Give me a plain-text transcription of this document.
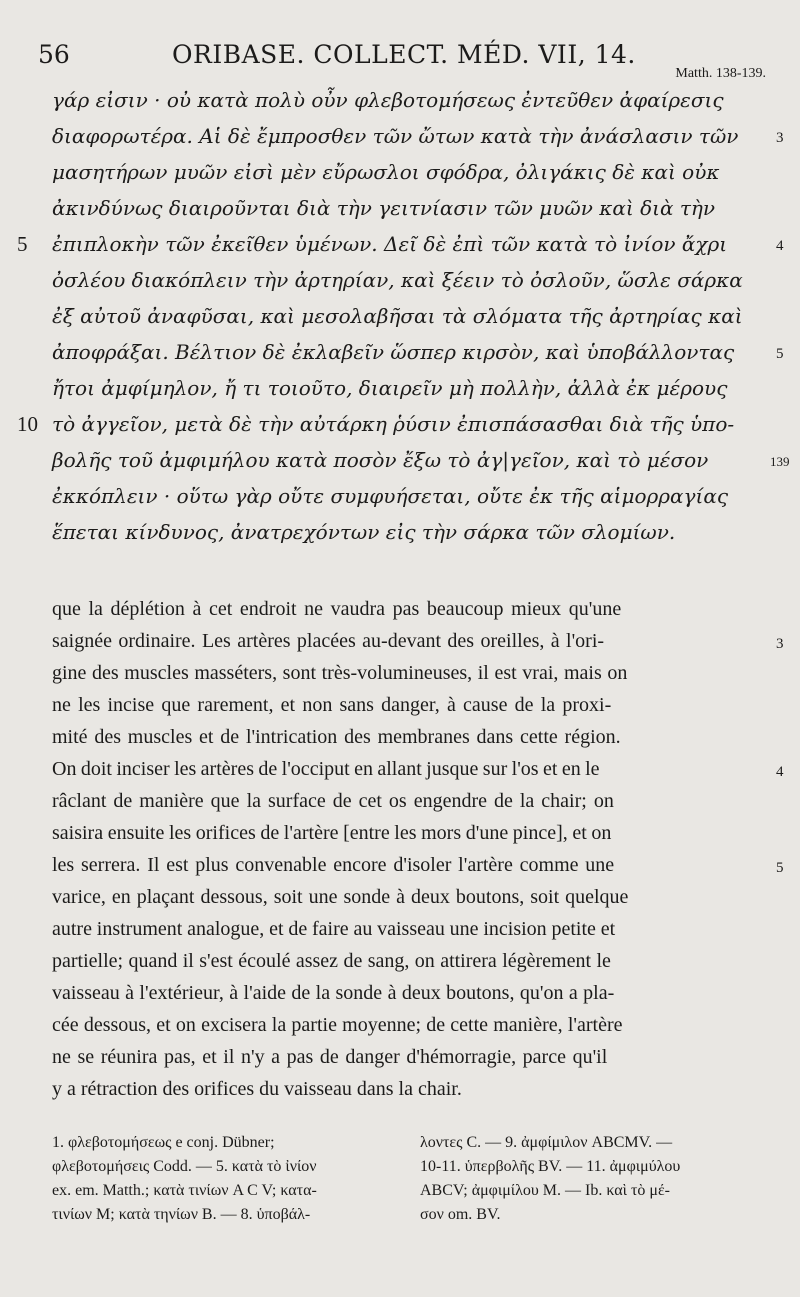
56	ORIBASE. COLLECT. MÉD. VII, 14.
Matth. 138-139.
γάρ εἰσιν · οὐ κατὰ πολὺ οὖν φλεβοτομήσεως ἐντεῦθεν ἀφαίρεσις
διαφορωτέρα. Αἱ δὲ ἔμπροσθεν τῶν ὤτων κατὰ τὴν ἀνάσλασιν τῶν
μασητήρων μυῶν εἰσὶ μὲν εὔρωσλοι σφόδρα, ὀλιγάκις δὲ καὶ οὐκ
ἀκινδύνως διαιροῦνται διὰ τὴν γειτνίασιν τῶν μυῶν καὶ διὰ τὴν
ἐπιπλοκὴν τῶν ἐκεῖθεν ὑμένων. Δεῖ δὲ ἐπὶ τῶν κατὰ τὸ ἰνίον ἄχρι
ὀσλέου διακόπλειν τὴν ἀρτηρίαν, καὶ ξέειν τὸ ὀσλοῦν, ὥσλε σάρκα
ἐξ αὐτοῦ ἀναφῦσαι, καὶ μεσολαβῆσαι τὰ σλόματα τῆς ἀρτηρίας καὶ
ἀποφράξαι. Βέλτιον δὲ ἐκλαβεῖν ὥσπερ κιρσὸν, καὶ ὑποβάλλοντας
ἤτοι ἀμφίμηλον, ἤ τι τοιοῦτο, διαιρεῖν μὴ πολλὴν, ἀλλὰ ἐκ μέρους
τὸ ἀγγεῖον, μετὰ δὲ τὴν αὐτάρκη ῥύσιν ἐπισπάσασθαι διὰ τῆς ὑπο-
βολῆς τοῦ ἀμφιμήλου κατὰ ποσὸν ἔξω τὸ ἀγ|γεῖον, καὶ τὸ μέσον
ἐκκόπλειν · οὕτω γὰρ οὔτε συμφυήσεται, οὔτε ἐκ τῆς αἱμορραγίας
ἕπεται κίνδυνος, ἀνατρεχόντων εἰς τὴν σάρκα τῶν σλομίων.
5
10
3
4
5
139
que la déplétion à cet endroit ne vaudra pas beaucoup mieux qu'une
saignée ordinaire. Les artères placées au-devant des oreilles, à l'ori-
gine des muscles masséters, sont très-volumineuses, il est vrai, mais on
ne les incise que rarement, et non sans danger, à cause de la proxi-
mité des muscles et de l'intrication des membranes dans cette région.
On doit inciser les artères de l'occiput en allant jusque sur l'os et en le
râclant de manière que la surface de cet os engendre de la chair; on
saisira ensuite les orifices de l'artère [entre les mors d'une pince], et on
les serrera. Il est plus convenable encore d'isoler l'artère comme une
varice, en plaçant dessous, soit une sonde à deux boutons, soit quelque
autre instrument analogue, et de faire au vaisseau une incision petite et
partielle; quand il s'est écoulé assez de sang, on attirera légèrement le
vaisseau à l'extérieur, à l'aide de la sonde à deux boutons, qu'on a pla-
cée dessous, et on excisera la partie moyenne; de cette manière, l'artère
ne se réunira pas, et il n'y a pas de danger d'hémorragie, parce qu'il
y a rétraction des orifices du vaisseau dans la chair.
3
4
5
1. φλεβοτομήσεως e conj. Dübner;
φλεβοτομήσεις Codd. — 5. κατὰ τὸ ἰνίον
ex. em. Matth.; κατὰ τινίων A C V; κατα-
τινίων M; κατὰ τηνίων B. — 8. ὑποβάλ-
λοντες C. — 9. ἀμφίμιλον ABCMV. —
10-11. ὑπερβολῆς BV. — 11. ἀμφιμύλου
ABCV; ἀμφιμίλου M. — Ib. καὶ τὸ μέ-
σον om. BV.
